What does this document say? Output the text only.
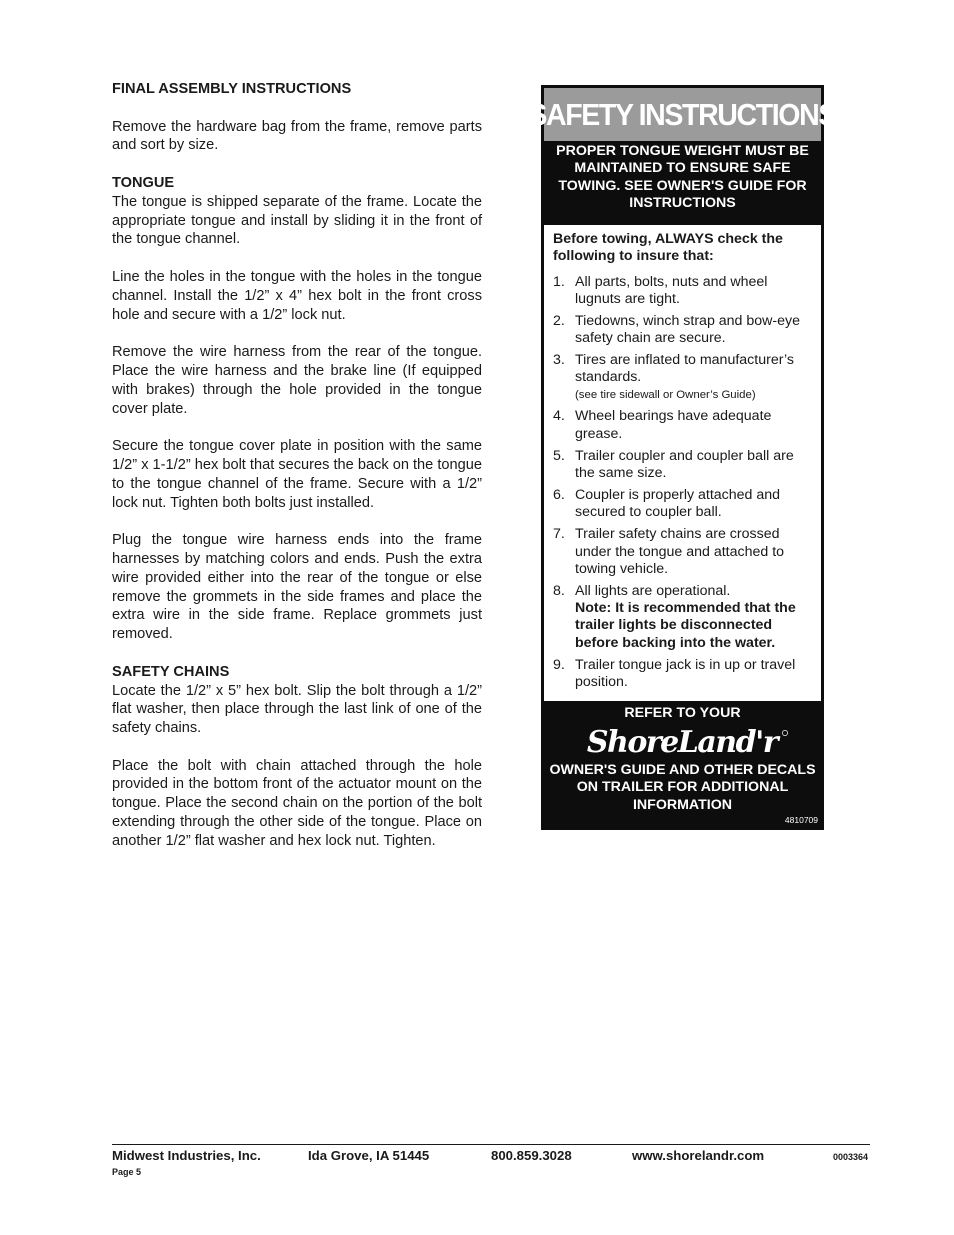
FINAL ASSEMBLY INSTRUCTIONS

Remove the hardware bag from the frame, remove parts and sort by size.

TONGUE

The tongue is shipped separate of the frame. Locate the appropriate tongue and install by sliding it in the front of the tongue channel.

Line the holes in the tongue with the holes in the tongue channel. Install the 1/2” x 4” hex bolt in the front cross hole and secure with a 1/2” lock nut.

Remove the wire harness from the rear of the tongue. Place the wire harness and the brake line (If equipped with brakes) through the hole provided in the tongue cover plate.

Secure the tongue cover plate in position with the same 1/2” x 1-1/2” hex bolt that secures the back on the tongue to the tongue channel of the frame. Secure with a 1/2” lock nut. Tighten both bolts just installed.

Plug the tongue wire harness ends into the frame harnesses by matching colors and ends. Push the extra wire provided either into the rear of the tongue or else remove the grommets in the side frames and place the extra wire in the side frame. Replace grommets just removed.

SAFETY CHAINS

Locate the 1/2” x 5” hex bolt. Slip the bolt through a 1/2” flat washer, then place through the last link of one of the safety chains.

Place the bolt with chain attached through the hole provided in the bottom front of the actuator mount on the tongue. Place the second chain on the portion of the bolt extending through the other side of the tongue. Place on another 1/2” flat washer and hex lock nut. Tighten.

SAFETY INSTRUCTIONS
PROPER TONGUE WEIGHT MUST BE MAINTAINED TO ENSURE SAFE TOWING. SEE OWNER'S GUIDE FOR INSTRUCTIONS

Before towing, ALWAYS check the following to insure that:

1. All parts, bolts, nuts and wheel lugnuts are tight.
2. Tiedowns, winch strap and bow-eye safety chain are secure.
3. Tires are inflated to manufacturer’s standards.
(see tire sidewall or Owner’s Guide)
4. Wheel bearings have adequate grease.
5. Trailer coupler and coupler ball are the same size.
6. Coupler is properly attached and secured to coupler ball.
7. Trailer safety chains are crossed under the tongue and attached to towing vehicle.
8. All lights are operational.
Note: It is recommended that the trailer lights be disconnected before backing into the water.
9. Trailer tongue jack is in up or travel position.
REFER TO YOUR
ShoreLand'r
OWNER'S GUIDE AND OTHER DECALS ON TRAILER FOR ADDITIONAL INFORMATION
4810709
Midwest Industries, Inc.	Ida Grove, IA 51445	800.859.3028	www.shorelandr.com	0003364
Page 5
